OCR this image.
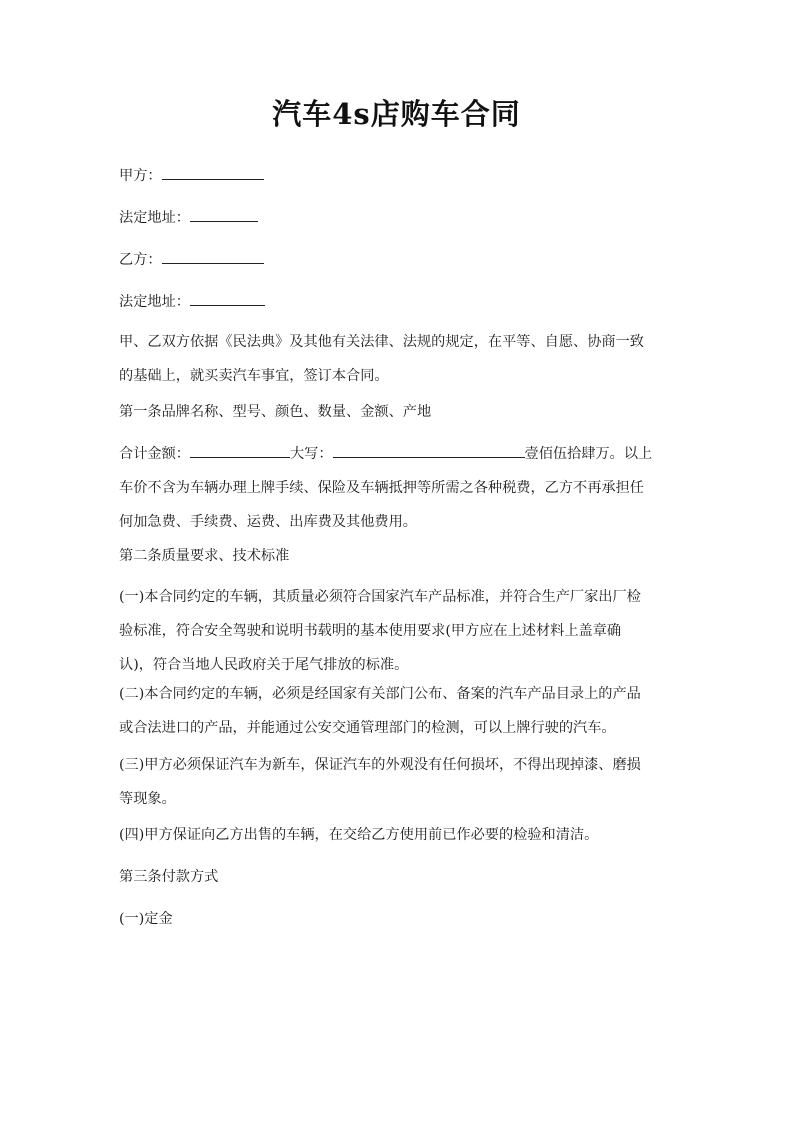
汽车4s店购车合同

甲方：

法定地址：

乙方：

法定地址：

甲、乙双方依据《民法典》及其他有关法律、法规的规定，在平等、自愿、协商一致
的基础上，就买卖汽车事宜，签订本合同。

第一条品牌名称、型号、颜色、数量、金额、产地

合计金额：	大写：	壹佰伍拾肆万。以上
车价不含为车辆办理上牌手续、保险及车辆抵押等所需之各种税费，乙方不再承担任
何加急费、手续费、运费、出库费及其他费用。

第二条质量要求、技术标准

(一)本合同约定的车辆，其质量必须符合国家汽车产品标准，并符合生产厂家出厂检
验标准，符合安全驾驶和说明书载明的基本使用要求(甲方应在上述材料上盖章确
认)，符合当地人民政府关于尾气排放的标准。

(二)本合同约定的车辆，必须是经国家有关部门公布、备案的汽车产品目录上的产品
或合法进口的产品，并能通过公安交通管理部门的检测，可以上牌行驶的汽车。

(三)甲方必须保证汽车为新车，保证汽车的外观没有任何损坏，不得出现掉漆、磨损
等现象。

(四)甲方保证向乙方出售的车辆，在交给乙方使用前已作必要的检验和清洁。

第三条付款方式

(一)定金
